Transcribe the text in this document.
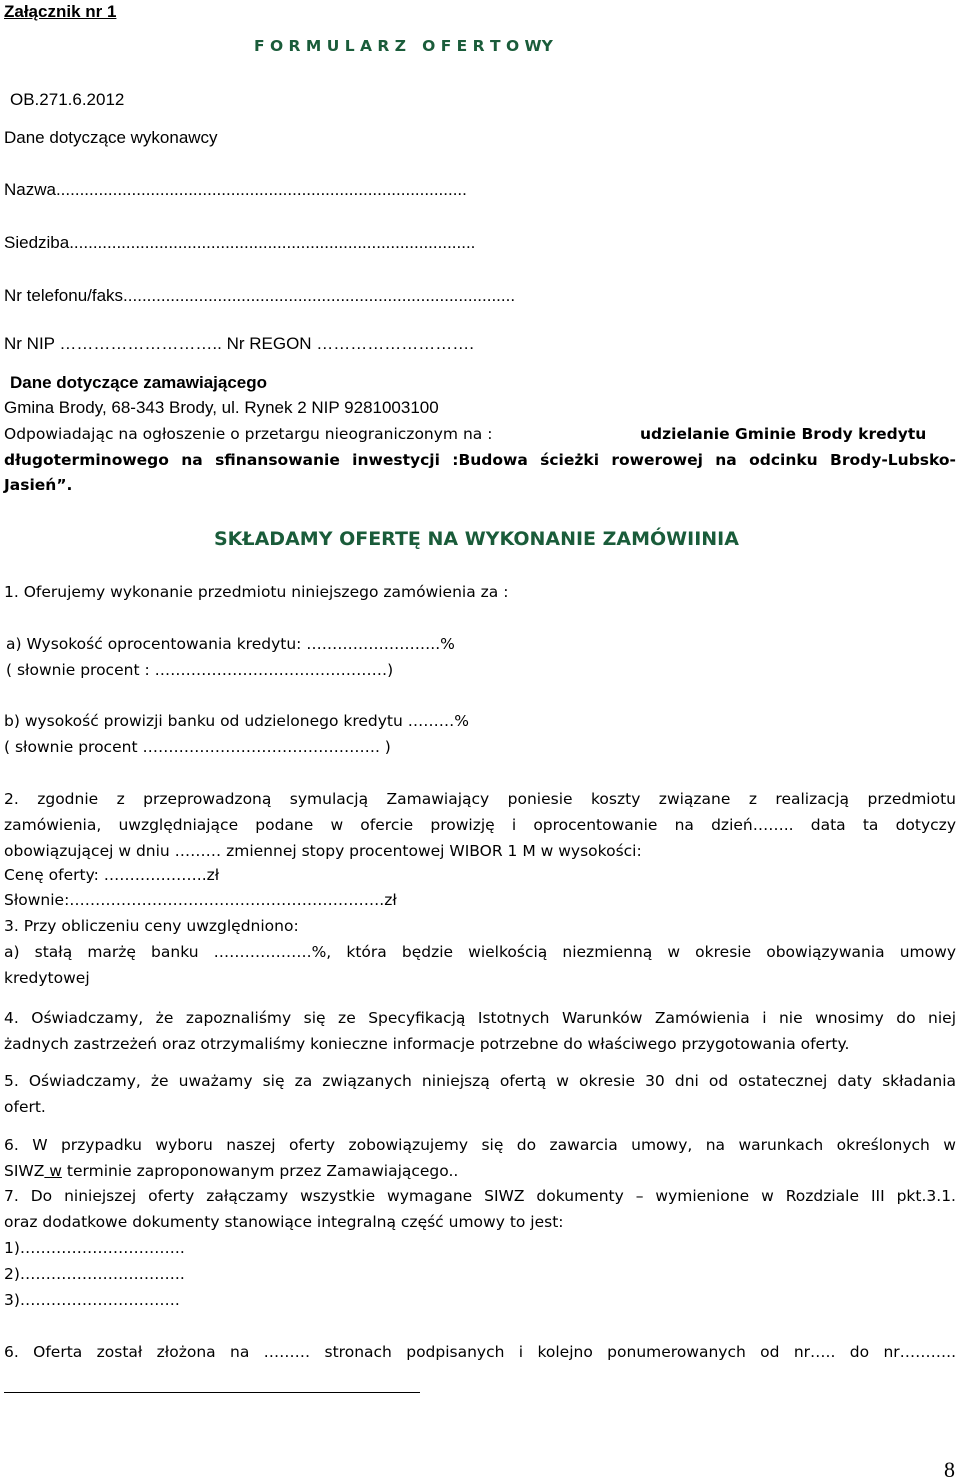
Załącznik nr 1
F O R M U L A R Z   O F E R T O WY
OB.271.6.2012
Dane dotyczące wykonawcy
Nazwa.......................................................................................
Siedziba......................................................................................
Nr telefonu/faks...................................................................................
Nr NIP ……………………….. Nr REGON ……………………….
Dane dotyczące zamawiającego
Gmina Brody, 68-343 Brody, ul. Rynek 2 NIP 9281003100
Odpowiadając na ogłoszenie o przetargu nieograniczonym na :	udzielanie Gminie Brody kredytu
długoterminowego na sfinansowanie inwestycji :Budowa ścieżki rowerowej na odcinku Brody-Lubsko-
Jasień”.
SKŁADAMY OFERTĘ NA WYKONANIE ZAMÓWIINIA
1. Oferujemy wykonanie przedmiotu niniejszego zamówienia za :
a) Wysokość oprocentowania kredytu: ……………………..%
( słownie procent : ………………………………………)
b) wysokość prowizji banku od udzielonego kredytu ………%
( słownie procent ………………………………………. )
2. zgodnie z przeprowadzoną symulacją Zamawiający poniesie koszty związane z realizacją przedmiotu
zamówienia, uwzględniające podane w ofercie prowizję i oprocentowanie na dzień…….. data ta dotyczy
obowiązującej w dniu ……… zmiennej stopy procentowej WIBOR 1 M w wysokości:
Cenę oferty: ………………..zł
Słownie:…………………………………………………….zł
3. Przy obliczeniu ceny uwzględniono:
a) stałą marżę banku ……………….%, która będzie wielkością niezmienną w okresie obowiązywania umowy
kredytowej
4. Oświadczamy, że zapoznaliśmy się ze Specyfikacją Istotnych Warunków Zamówienia i nie wnosimy do niej
żadnych zastrzeżeń oraz otrzymaliśmy konieczne informacje potrzebne do właściwego przygotowania oferty.
5. Oświadczamy, że uważamy się za związanych niniejszą ofertą w okresie 30 dni od ostatecznej daty składania
ofert.
6. W przypadku wyboru naszej oferty zobowiązujemy się do zawarcia umowy, na warunkach określonych w
SIWZ w terminie zaproponowanym przez Zamawiającego..
7. Do niniejszej oferty załączamy wszystkie wymagane SIWZ dokumenty – wymienione w Rozdziale III pkt.3.1.
oraz dodatkowe dokumenty stanowiące integralną część umowy to jest:
1)…………………………..
2)…………………………..
3)………………………….
6. Oferta został złożona na ……… stronach podpisanych i kolejno ponumerowanych od nr….. do nr………..
8
